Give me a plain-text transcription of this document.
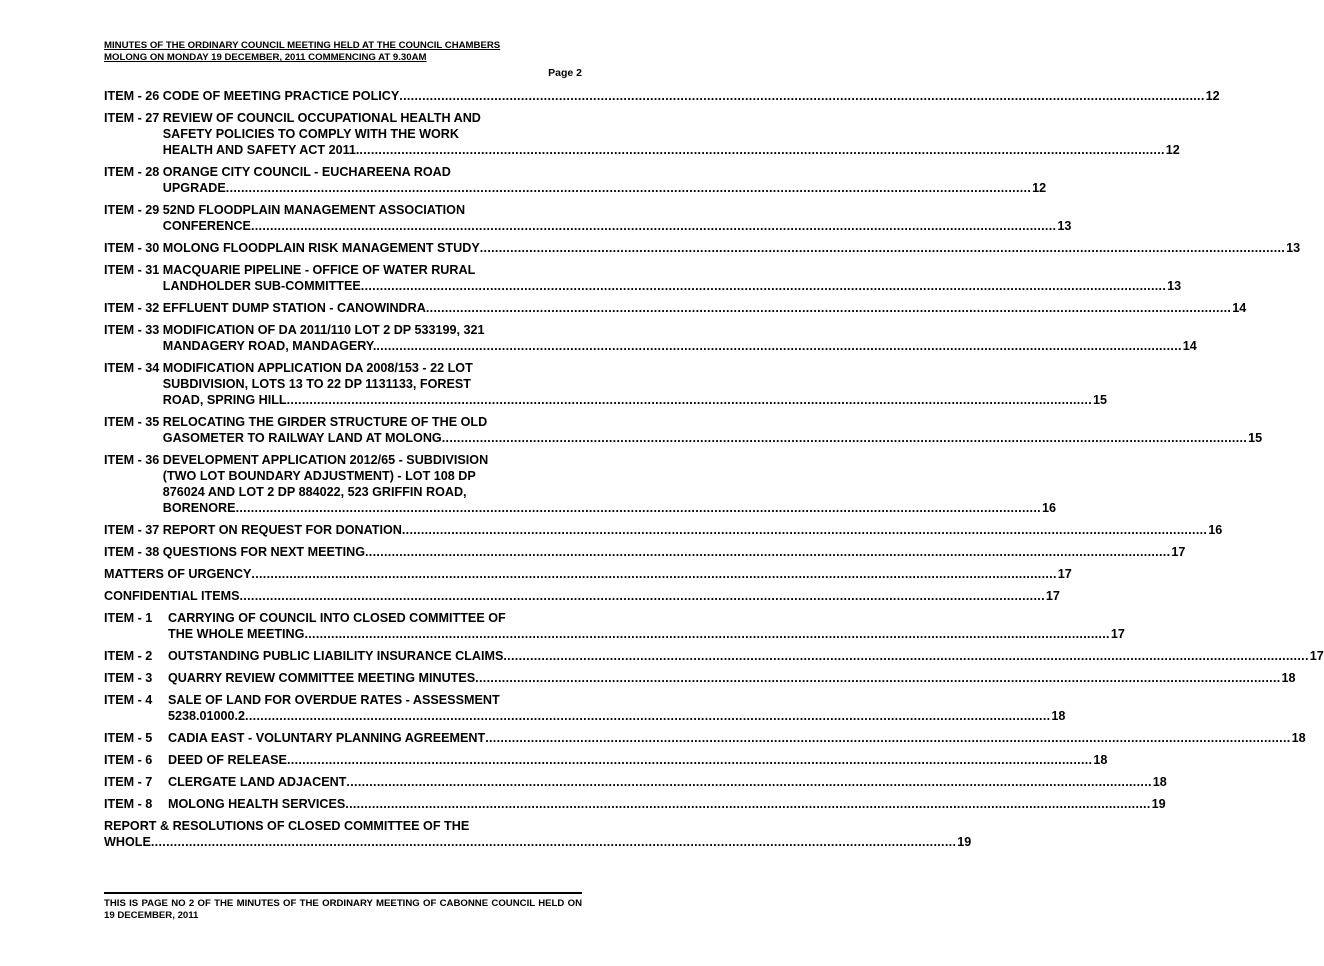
MINUTES OF THE ORDINARY COUNCIL MEETING HELD AT THE COUNCIL CHAMBERS
MOLONG ON MONDAY 19 DECEMBER, 2011 COMMENCING AT 9.30AM
Page 2
ITEM - 26 CODE OF MEETING PRACTICE POLICY .....	12
ITEM - 27 REVIEW OF COUNCIL OCCUPATIONAL HEALTH AND
SAFETY POLICIES TO COMPLY WITH THE WORK
HEALTH AND SAFETY ACT 2011. .....	12
ITEM - 28 ORANGE CITY COUNCIL - EUCHAREENA ROAD
UPGRADE .....	12
ITEM - 29 52ND FLOODPLAIN MANAGEMENT ASSOCIATION
CONFERENCE .....	13
ITEM - 30 MOLONG FLOODPLAIN RISK MANAGEMENT STUDY .....	13
ITEM - 31 MACQUARIE PIPELINE - OFFICE OF WATER RURAL
LANDHOLDER SUB-COMMITTEE .....	13
ITEM - 32 EFFLUENT DUMP STATION - CANOWINDRA .....	14
ITEM - 33 MODIFICATION OF DA 2011/110 LOT 2 DP 533199, 321
MANDAGERY ROAD, MANDAGERY. .....	14
ITEM - 34 MODIFICATION APPLICATION DA 2008/153 - 22 LOT
SUBDIVISION, LOTS 13 TO 22 DP 1131133, FOREST
ROAD, SPRING HILL .....	15
ITEM - 35 RELOCATING THE GIRDER STRUCTURE OF THE OLD
GASOMETER TO RAILWAY LAND AT MOLONG .....	15
ITEM - 36 DEVELOPMENT APPLICATION 2012/65 - SUBDIVISION
(TWO LOT BOUNDARY ADJUSTMENT) - LOT 108 DP
876024 AND LOT 2 DP 884022, 523 GRIFFIN ROAD,
BORENORE .....	16
ITEM - 37 REPORT ON REQUEST FOR DONATION .....	16
ITEM - 38 QUESTIONS FOR NEXT MEETING .....	17
MATTERS OF URGENCY .....	17
CONFIDENTIAL ITEMS .....	17
ITEM - 1	CARRYING OF COUNCIL INTO CLOSED COMMITTEE OF
THE WHOLE MEETING .....	17
ITEM - 2	OUTSTANDING PUBLIC LIABILITY INSURANCE CLAIMS .....	17
ITEM - 3	QUARRY REVIEW COMMITTEE MEETING MINUTES .....	18
ITEM - 4	SALE OF LAND FOR OVERDUE RATES - ASSESSMENT
5238.01000.2 .....	18
ITEM - 5	CADIA EAST - VOLUNTARY PLANNING AGREEMENT .....	18
ITEM - 6	DEED OF RELEASE .....	18
ITEM - 7	CLERGATE LAND ADJACENT .....	18
ITEM - 8	MOLONG HEALTH SERVICES .....	19
REPORT & RESOLUTIONS OF CLOSED COMMITTEE OF THE
WHOLE .....	19
THIS IS PAGE NO 2 OF THE MINUTES OF THE ORDINARY MEETING OF CABONNE COUNCIL HELD ON 19 DECEMBER, 2011
